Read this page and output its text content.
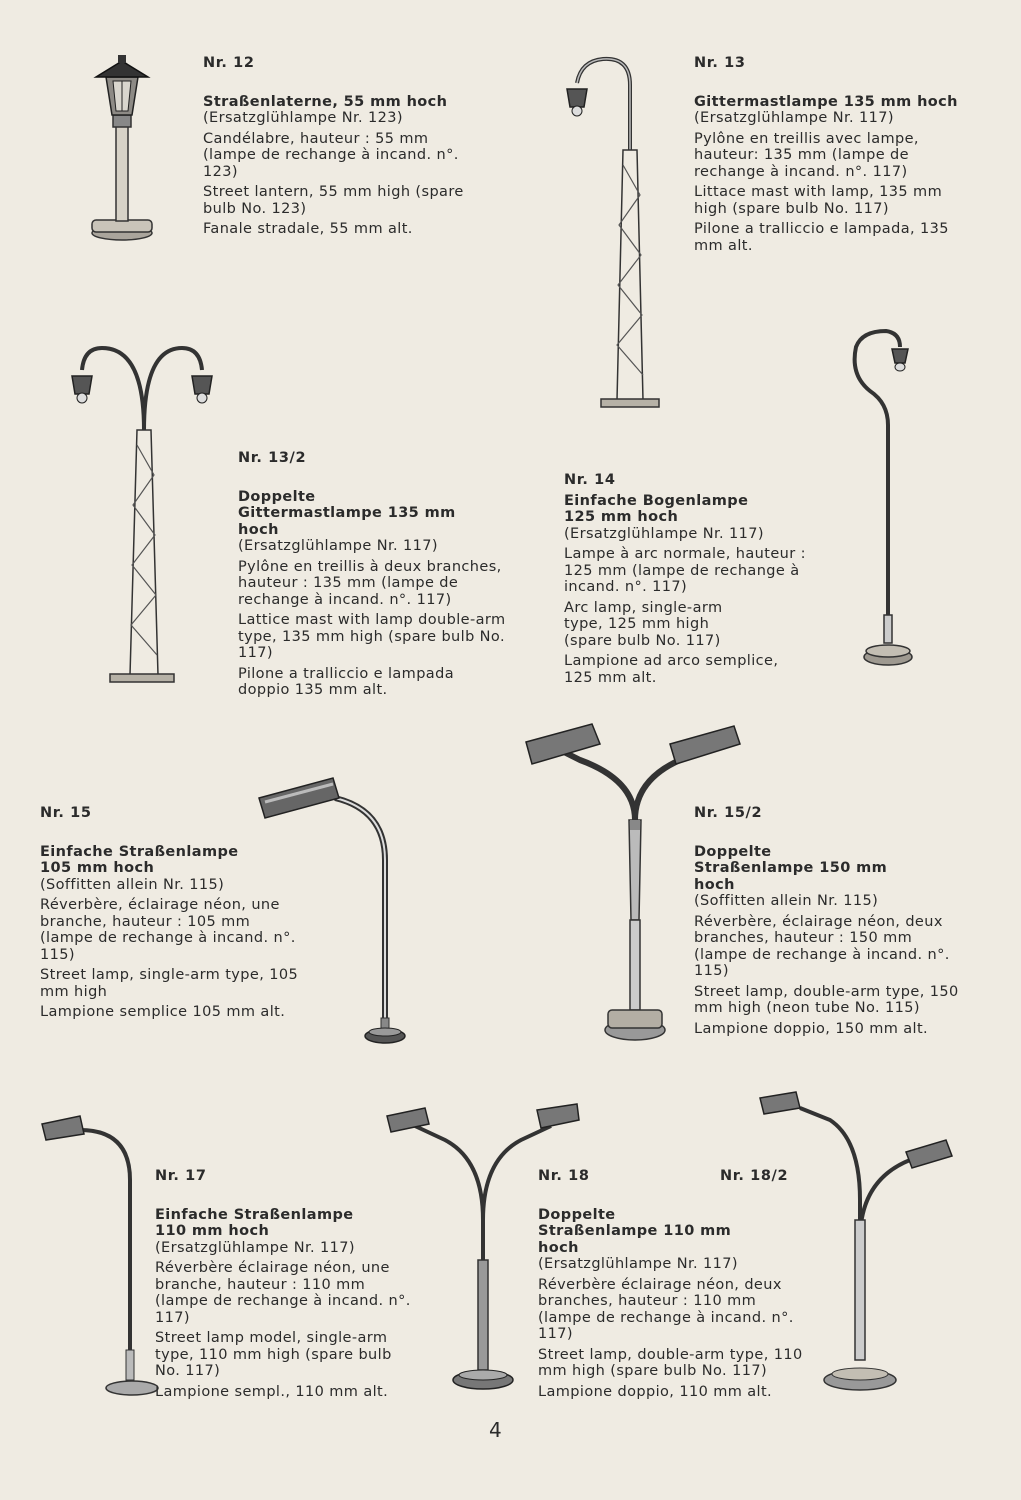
Nr. 12
Straßenlaterne, 55 mm hoch
(Ersatzglühlampe Nr. 123)
Candélabre, hauteur : 55 mm (lampe de rechange à incand. n°. 123)
Street lantern, 55 mm high (spare bulb No. 123)
Fanale stradale, 55 mm alt.
Nr. 13
Gittermastlampe 135 mm hoch
(Ersatzglühlampe Nr. 117)
Pylône en treillis avec lampe, hauteur: 135 mm (lampe de rechange à incand. n°. 117)
Littace mast with lamp, 135 mm high (spare bulb No. 117)
Pilone a tralliccio e lampada, 135 mm alt.
Nr. 13/2
Doppelte Gittermastlampe 135 mm hoch
(Ersatzglühlampe Nr. 117)
Pylône en treillis à deux branches, hauteur : 135 mm (lampe de rechange à incand. n°. 117)
Lattice mast with lamp double-arm type, 135 mm high (spare bulb No. 117)
Pilone a tralliccio e lampada doppio 135 mm alt.
Nr. 14
Einfache Bogenlampe 125 mm hoch
(Ersatzglühlampe Nr. 117)
Lampe à arc normale, hauteur : 125 mm (lampe de rechange à incand. n°. 117)
Arc lamp, single-arm type, 125 mm high (spare bulb No. 117)
Lampione ad arco semplice, 125 mm alt.
Nr. 15
Einfache Straßenlampe 105 mm hoch
(Soffitten allein Nr. 115)
Réverbère, éclairage néon, une branche, hauteur : 105 mm (lampe de rechange à incand. n°. 115)
Street lamp, single-arm type, 105 mm high
Lampione semplice 105 mm alt.
Nr. 15/2
Doppelte Straßenlampe 150 mm hoch
(Soffitten allein Nr. 115)
Réverbère, éclairage néon, deux branches, hauteur : 150 mm (lampe de rechange à incand. n°. 115)
Street lamp, double-arm type, 150 mm high (neon tube No. 115)
Lampione doppio, 150 mm alt.
Nr. 17
Einfache Straßenlampe 110 mm hoch
(Ersatzglühlampe Nr. 117)
Réverbère éclairage néon, une branche, hauteur : 110 mm (lampe de rechange à incand. n°. 117)
Street lamp model, single-arm type, 110 mm high (spare bulb No. 117)
Lampione sempl., 110 mm alt.
Nr. 18	Nr. 18/2
Doppelte Straßenlampe 110 mm hoch
(Ersatzglühlampe Nr. 117)
Réverbère éclairage néon, deux branches, hauteur : 110 mm (lampe de rechange à incand. n°. 117)
Street lamp, double-arm type, 110 mm high (spare bulb No. 117)
Lampione doppio, 110 mm alt.
4
